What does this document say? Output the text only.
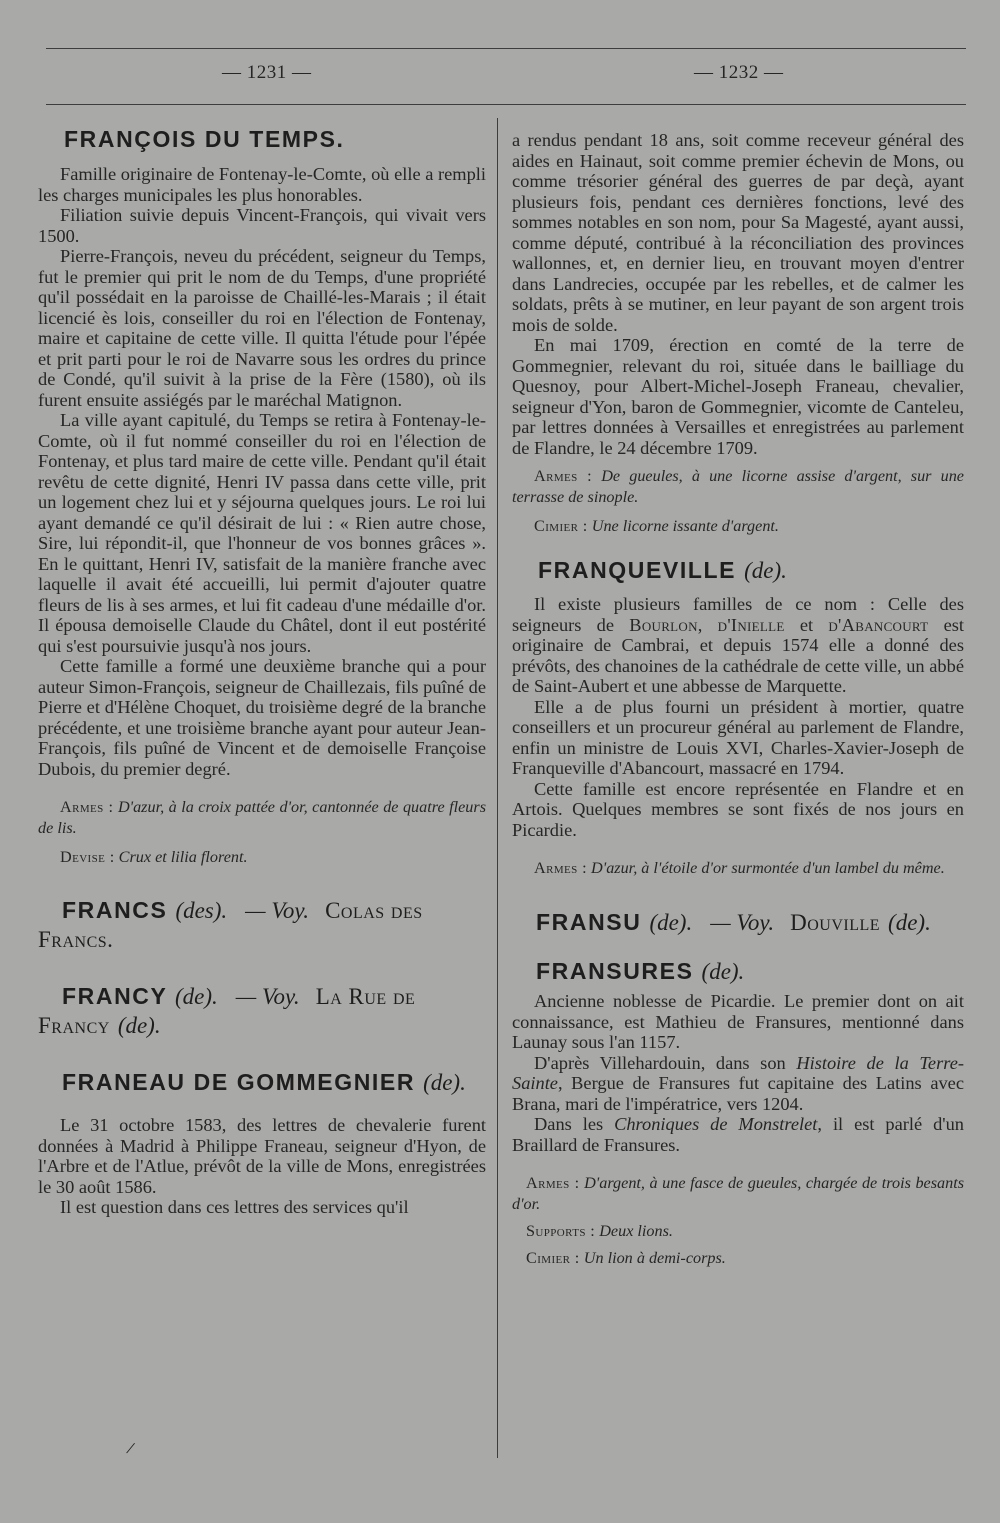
— 1231 —	— 1232 —
FRANÇOIS DU TEMPS.

Famille originaire de Fontenay-le-Comte, où elle a rempli les charges municipales les plus honorables.

Filiation suivie depuis Vincent-François, qui vivait vers 1500.

Pierre-François, neveu du précédent, seigneur du Temps, fut le premier qui prit le nom de du Temps, d'une propriété qu'il possédait en la paroisse de Chaillé-les-Marais ; il était licencié ès lois, conseiller du roi en l'élection de Fontenay, maire et capitaine de cette ville. Il quitta l'étude pour l'épée et prit parti pour le roi de Navarre sous les ordres du prince de Condé, qu'il suivit à la prise de la Fère (1580), où ils furent ensuite assiégés par le maréchal Matignon.

La ville ayant capitulé, du Temps se retira à Fontenay-le-Comte, où il fut nommé conseiller du roi en l'élection de Fontenay, et plus tard maire de cette ville. Pendant qu'il était revêtu de cette dignité, Henri IV passa dans cette ville, prit un logement chez lui et y séjourna quelques jours. Le roi lui ayant demandé ce qu'il désirait de lui : « Rien autre chose, Sire, lui répondit-il, que l'honneur de vos bonnes grâces ». En le quittant, Henri IV, satisfait de la manière franche avec laquelle il avait été accueilli, lui permit d'ajouter quatre fleurs de lis à ses armes, et lui fit cadeau d'une médaille d'or. Il épousa demoiselle Claude du Châtel, dont il eut postérité qui s'est poursuivie jusqu'à nos jours.

Cette famille a formé une deuxième branche qui a pour auteur Simon-François, seigneur de Chaillezais, fils puîné de Pierre et d'Hélène Choquet, du troisième degré de la branche précédente, et une troisième branche ayant pour auteur Jean-François, fils puîné de Vincent et de demoiselle Françoise Dubois, du premier degré.

Armes : D'azur, à la croix pattée d'or, cantonnée de quatre fleurs de lis.

Devise : Crux et lilia florent.

FRANCS (des). — Voy. Colas des Francs.
FRANCY (de). — Voy. La Rue de Francy (de).
FRANEAU DE GOMMEGNIER (de).

Le 31 octobre 1583, des lettres de chevalerie furent données à Madrid à Philippe Franeau, seigneur d'Hyon, de l'Arbre et de l'Atlue, prévôt de la ville de Mons, enregistrées le 30 août 1586.

Il est question dans ces lettres des services qu'il

/

a rendus pendant 18 ans, soit comme receveur général des aides en Hainaut, soit comme premier échevin de Mons, ou comme trésorier général des guerres de par deçà, ayant plusieurs fois, pendant ces dernières fonctions, levé des sommes notables en son nom, pour Sa Magesté, ayant aussi, comme député, contribué à la réconciliation des provinces wallonnes, et, en dernier lieu, en trouvant moyen d'entrer dans Landrecies, occupée par les rebelles, et de calmer les soldats, prêts à se mutiner, en leur payant de son argent trois mois de solde.

En mai 1709, érection en comté de la terre de Gommegnier, relevant du roi, située dans le bailliage du Quesnoy, pour Albert-Michel-Joseph Franeau, chevalier, seigneur d'Yon, baron de Gommegnier, vicomte de Canteleu, par lettres données à Versailles et enregistrées au parlement de Flandre, le 24 décembre 1709.

Armes : De gueules, à une licorne assise d'argent, sur une terrasse de sinople.

Cimier : Une licorne issante d'argent.

FRANQUEVILLE (de).

Il existe plusieurs familles de ce nom : Celle des seigneurs de Bourlon, d'Inielle et d'Abancourt est originaire de Cambrai, et depuis 1574 elle a donné des prévôts, des chanoines de la cathédrale de cette ville, un abbé de Saint-Aubert et une abbesse de Marquette.

Elle a de plus fourni un président à mortier, quatre conseillers et un procureur général au parlement de Flandre, enfin un ministre de Louis XVI, Charles-Xavier-Joseph de Franqueville d'Abancourt, massacré en 1794.

Cette famille est encore représentée en Flandre et en Artois. Quelques membres se sont fixés de nos jours en Picardie.

Armes : D'azur, à l'étoile d'or surmontée d'un lambel du même.

FRANSU (de). — Voy. Douville (de).
FRANSURES (de).

Ancienne noblesse de Picardie. Le premier dont on ait connaissance, est Mathieu de Fransures, mentionné dans Launay sous l'an 1157.

D'après Villehardouin, dans son Histoire de la Terre-Sainte, Bergue de Fransures fut capitaine des Latins avec Brana, mari de l'impératrice, vers 1204.

Dans les Chroniques de Monstrelet, il est parlé d'un Braillard de Fransures.

Armes : D'argent, à une fasce de gueules, chargée de trois besants d'or.

Supports : Deux lions.

Cimier : Un lion à demi-corps.
